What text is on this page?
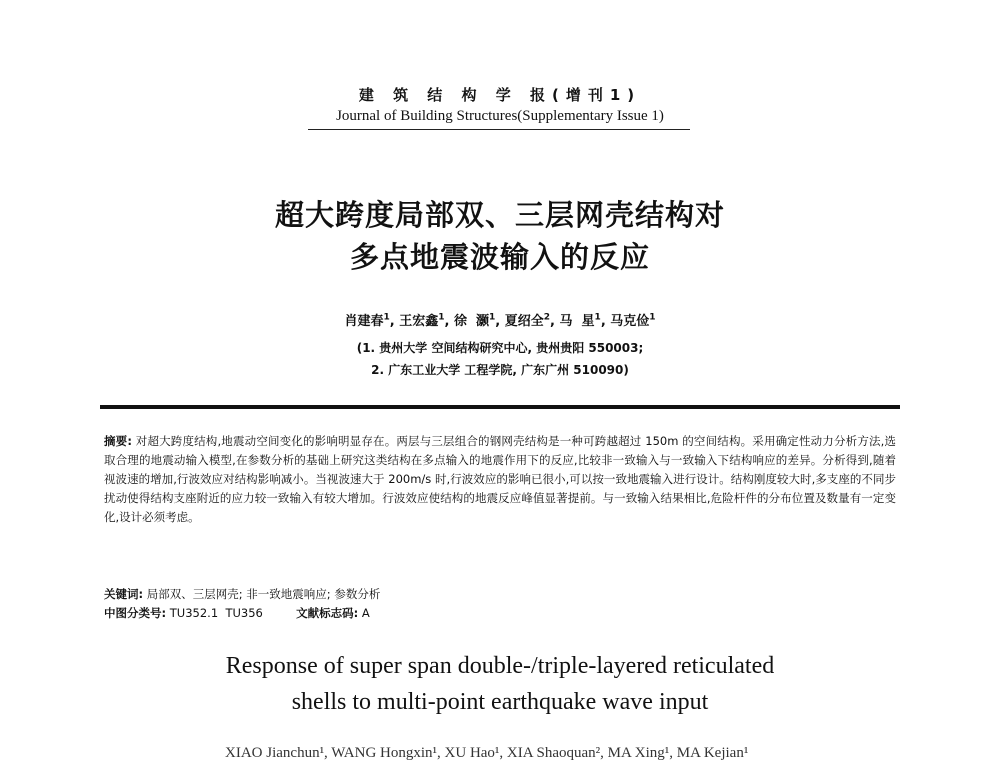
建 筑 结 构 学 报(增刊1)
Journal of Building Structures(Supplementary Issue 1)
超大跨度局部双、三层网壳结构对
多点地震波输入的反应
肖建春$^1$, 王宏鑫$^1$, 徐  灏$^1$, 夏绍全$^2$, 马  星$^1$, 马克俭$^1$
(1. 贵州大学 空间结构研究中心, 贵州贵阳 550003;
2. 广东工业大学 工程学院, 广东广州 510090)
摘要: 对超大跨度结构,地震动空间变化的影响明显存在。两层与三层组合的钢网壳结构是一种可跨越超过 150m 的空间结构。采用确定性动力分析方法,选取合理的地震动输入模型,在参数分析的基础上研究这类结构在多点输入的地震作用下的反应,比较非一致输入与一致输入下结构响应的差异。分析得到,随着视波速的增加,行波效应对结构影响减小。当视波速大于 200m/s 时,行波效应的影响已很小,可以按一致地震输入进行设计。结构刚度较大时,多支座的不同步扰动使得结构支座附近的应力较一致输入有较大增加。行波效应使结构的地震反应峰值显著提前。与一致输入结果相比,危险杆件的分布位置及数量有一定变化,设计必须考虑。
关键词: 局部双、三层网壳; 非一致地震响应; 参数分析
中图分类号: TU352.1  TU356	文献标志码: A
Response of super span double-/triple-layered reticulated
shells to multi-point earthquake wave input
XIAO Jianchun¹, WANG Hongxin¹, XU Hao¹, XIA Shaoquan², MA Xing¹, MA Kejian¹
